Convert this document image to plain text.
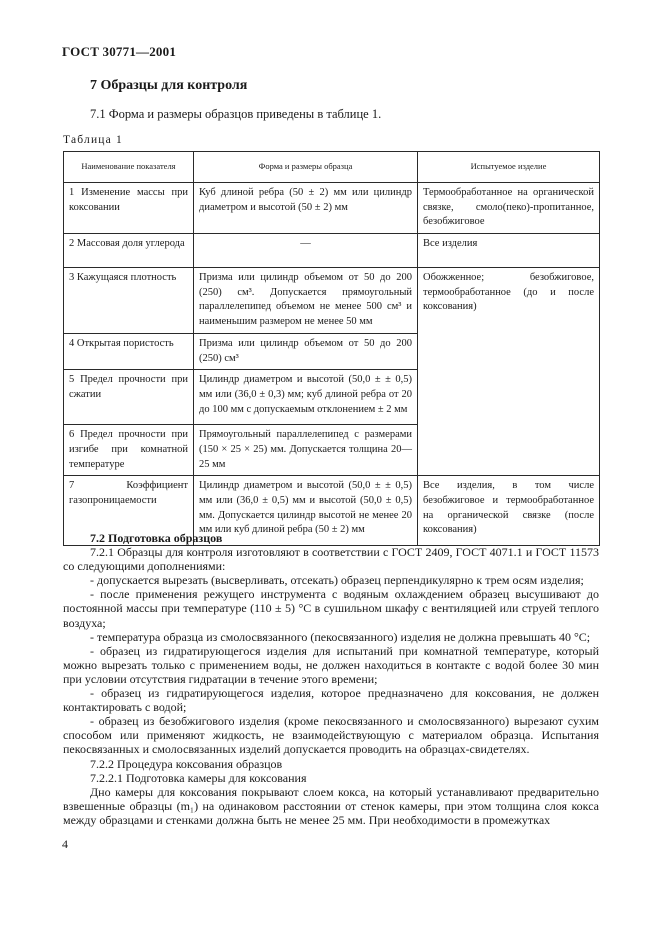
ГОСТ 30771—2001
7 Образцы для контроля
7.1 Форма и размеры образцов приведены в таблице 1.
Таблица 1
Наименование показателя	Форма и размеры образца	Испытуемое изделие
1 Изменение массы при коксовании	Куб длиной ребра (50 ± 2) мм или цилиндр диаметром и высотой (50 ± 2) мм	Термообработанное на органической связке, смоло(пеко)-пропитанное, безобжиговое
2 Массовая доля углерода	—	Все изделия
3 Кажущаяся плотность	Призма или цилиндр объемом от 50 до 200 (250) см³. Допускается прямоугольный параллелепипед объемом не менее 500 см³ и наименьшим размером не менее 50 мм	Обожженное; безобжиговое, термообработанное (до и после коксования)
4 Открытая пористость	Призма или цилиндр объемом от 50 до 200 (250) см³	
5 Предел прочности при сжатии	Цилиндр диаметром и высотой (50,0 ± ± 0,5) мм или (36,0 ± 0,3) мм; куб длиной ребра от 20 до 100 мм с допускаемым отклонением ± 2 мм	
6 Предел прочности при изгибе при комнатной температуре	Прямоугольный параллелепипед с размерами (150 × 25 × 25) мм. Допускается толщина 20—25 мм	
7 Коэффициент газопроницаемости	Цилиндр диаметром и высотой (50,0 ± ± 0,5) мм или (36,0 ± 0,5) мм и высотой (50,0 ± 0,5) мм. Допускается цилиндр высотой не менее 20 мм или куб длиной ребра (50 ± 2) мм	Все изделия, в том числе безобжиговое и термообработанное на органической связке (после коксования)
7.2 Подготовка образцов
7.2.1 Образцы для контроля изготовляют в соответствии с ГОСТ 2409, ГОСТ 4071.1 и ГОСТ 11573 со следующими дополнениями:
- допускается вырезать (высверливать, отсекать) образец перпендикулярно к трем осям изделия;
- после применения режущего инструмента с водяным охлаждением образец высушивают до постоянной массы при температуре (110 ± 5) °С в сушильном шкафу с вентиляцией или струей теплого воздуха;
- температура образца из смолосвязанного (пекосвязанного) изделия не должна превышать 40 °С;
- образец из гидратирующегося изделия для испытаний при комнатной температуре, который можно вырезать только с применением воды, не должен находиться в контакте с водой более 30 мин при условии отсутствия гидратации в течение этого времени;
- образец из гидратирующегося изделия, которое предназначено для коксования, не должен контактировать с водой;
- образец из безобжигового изделия (кроме пекосвязанного и смолосвязанного) вырезают сухим способом или применяют жидкость, не взаимодействующую с материалом образца. Испытания пекосвязанных и смолосвязанных изделий допускается проводить на образцах-свидетелях.
7.2.2 Процедура коксования образцов
7.2.2.1 Подготовка камеры для коксования
Дно камеры для коксования покрывают слоем кокса, на который устанавливают предварительно взвешенные образцы (m₁) на одинаковом расстоянии от стенок камеры, при этом толщина слоя кокса между образцами и стенками должна быть не менее 25 мм. При необходимости в промежутках
4
